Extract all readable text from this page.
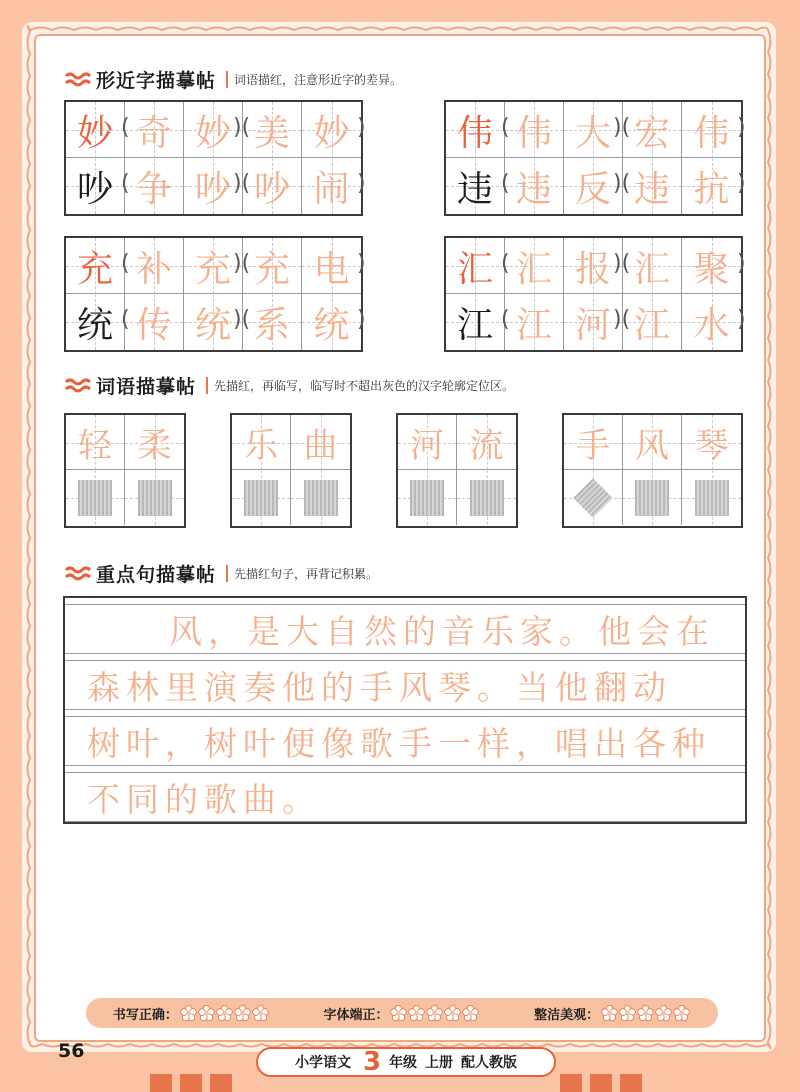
形近字描摹帖	词语描红，注意形近字的差异。
妙 奇 妙 美 妙
(	)(	)
吵 争 吵 吵 闹
(	)(	)
伟 伟 大 宏 伟
(	)(	)
违 违 反 违 抗
(	)(	)
充 补 充 充 电
(	)(	)
统 传 统 系 统
(	)(	)
汇 汇 报 汇 聚
(	)(	)
江 江 河 江 水
(	)(	)
词语描摹帖	先描红，再临写，临写时不超出灰色的汉字轮廓定位区。
轻 柔 乐 曲 河 流 手 风 琴
重点句描摹帖	先描红句子，再背记积累。
风，是大自然的音乐家。他会在
森林里演奏他的手风琴。当他翻动
树叶，树叶便像歌手一样，唱出各种
不同的歌曲。
书写正确：	字体端正：	整洁美观：
56
小学语文 3 年级 上册 配人教版
